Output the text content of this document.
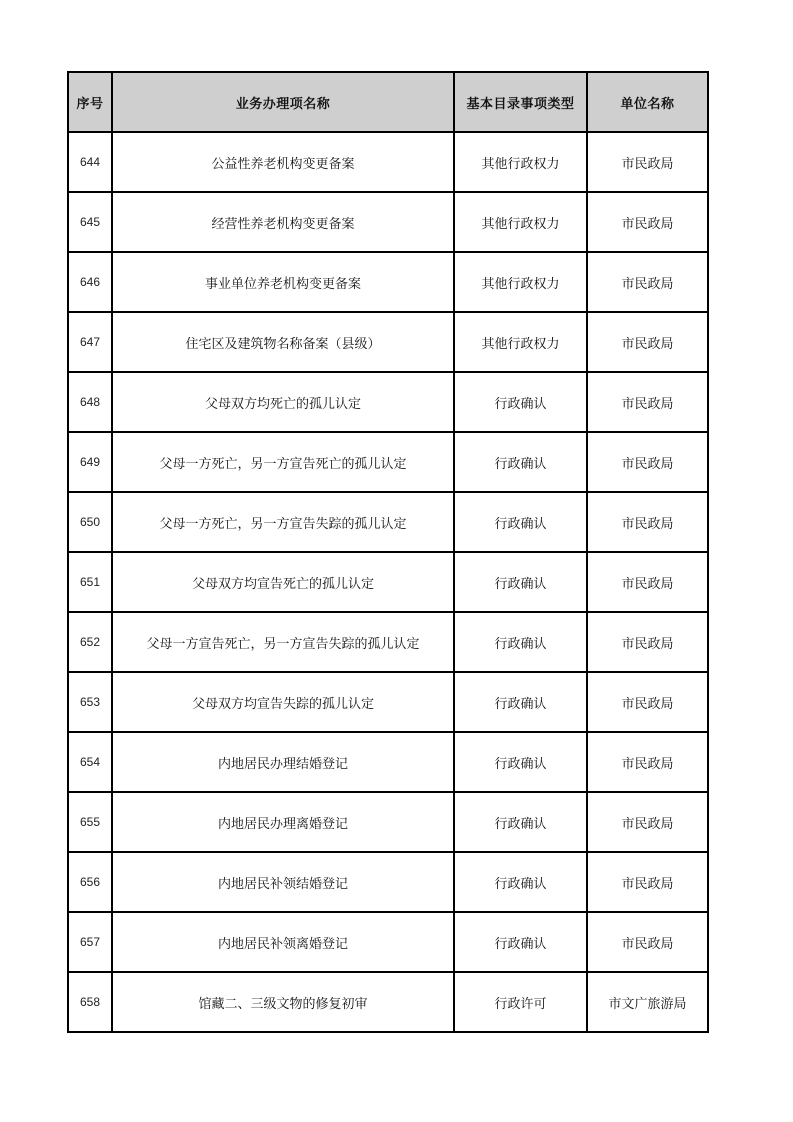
序号	业务办理项名称	基本目录事项类型	单位名称
644	公益性养老机构变更备案	其他行政权力	市民政局
645	经营性养老机构变更备案	其他行政权力	市民政局
646	事业单位养老机构变更备案	其他行政权力	市民政局
647	住宅区及建筑物名称备案（县级）	其他行政权力	市民政局
648	父母双方均死亡的孤儿认定	行政确认	市民政局
649	父母一方死亡，另一方宣告死亡的孤儿认定	行政确认	市民政局
650	父母一方死亡，另一方宣告失踪的孤儿认定	行政确认	市民政局
651	父母双方均宣告死亡的孤儿认定	行政确认	市民政局
652	父母一方宣告死亡，另一方宣告失踪的孤儿认定	行政确认	市民政局
653	父母双方均宣告失踪的孤儿认定	行政确认	市民政局
654	内地居民办理结婚登记	行政确认	市民政局
655	内地居民办理离婚登记	行政确认	市民政局
656	内地居民补领结婚登记	行政确认	市民政局
657	内地居民补领离婚登记	行政确认	市民政局
658	馆藏二、三级文物的修复初审	行政许可	市文广旅游局
